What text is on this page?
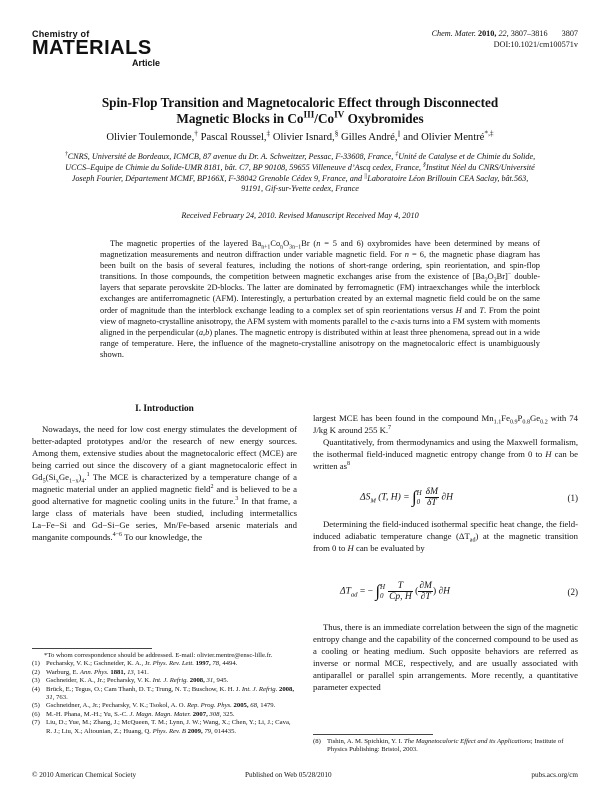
Chemistry of
MATERIALS
Article
Chem. Mater. 2010, 22, 3807–3816 3807
DOI:10.1021/cm100571v
Spin-Flop Transition and Magnetocaloric Effect through Disconnected
Magnetic Blocks in $Co^{III}/Co^{IV}$ Oxybromides
Olivier Toulemonde,† Pascal Roussel,‡ Olivier Isnard,§ Gilles André,|| and Olivier Mentré*,‡
†CNRS, Université de Bordeaux, ICMCB, 87 avenue du Dr. A. Schweitzer, Pessac, F-33608, France, ‡Unité de Catalyse et de Chimie du Solide, UCCS–Equipe de Chimie du Solide-UMR 8181, bât. C7, BP 90108, 59655 Villeneuve d’Ascq cedex, France, §Institut Néel du CNRS/Université Joseph Fourier, Département MCMF, BP166X, F-38042 Grenoble Cédex 9, France, and ||Laboratoire Léon Brillouin CEA Saclay, bât.563, 91191, Gif-sur-Yvette cedex, France
Received February 24, 2010. Revised Manuscript Received May 4, 2010
The magnetic properties of the layered $Ba_{n+1}Co_nO_{3n-1}Br$ (n = 5 and 6) oxybromides have been determined by means of magnetization measurements and neutron diffraction under variable magnetic field. For n = 6, the magnetic phase diagram has been built on the basis of several features, including the notions of short-range ordering, spin reorientation, and spin-flop transitions. In those compounds, the competition between magnetic exchanges arise from the existence of $[Ba_2O_2Br]^-$ double-layers that separate perovskite 2D-blocks. The latter are dominated by ferromagnetic (FM) intraexchanges while the interblock exchanges are antiferromagnetic (AFM). Interestingly, a perturbation created by an external magnetic field could be on the same order of magnitude than the interblock exchange leading to a complex set of spin reorientations versus H and T. From the point view of magneto-crystalline anisotropy, the AFM system with moments parallel to the c-axis turns into a FM system with moments aligned in the perpendicular (a,b) planes. The magnetic entropy is distributed within at least three phenomena, spread out in a wide range of temperature. Here, the influence of the magneto-crystalline anisotropy on the magnetocaloric effect is unambiguously shown.
I. Introduction
Nowadays, the need for low cost energy stimulates the development of better-adapted prototypes and/or the research of new energy sources. Among them, extensive studies about the magnetocaloric effect (MCE) are being carried out since the discovery of a giant magnetocaloric effect in $Gd_5(Si_xGe_{1-x})_4.^1$ The MCE is characterized by a temperature change of a magnetic material under an applied magnetic field$^2$ and is believed to be a good alternative for magnetic cooling units in the future.$^3$ In that frame, a large class of materials have been studied, including intermetallics La−Fe−Si and Gd−Si−Ge series, Mn/Fe-based arsenic materials and manganite compounds.$^{4-6}$ To our knowledge, the
*To whom correspondence should be addressed. E-mail: olivier.mentre@ensc-lille.fr.
(1) Pecharsky, V. K.; Gschneider, K. A., Jr. Phys. Rev. Lett. 1997, 78, 4494.
(2) Warburg, E. Ann. Phys. 1881, 13, 141.
(3) Gschneider, K. A., Jr.; Pecharsky, V. K. Int. J. Refrig. 2008, 31, 945.
(4) Brück, E.; Tegus, O.; Cam Thanh, D. T.; Trung, N. T.; Buschow, K. H. J. Int. J. Refrig. 2008, 31, 763.
(5) Gschneidner, A., Jr.; Pecharsky, V. K.; Tsokol, A. O. Rep. Prog. Phys. 2005, 68, 1479.
(6) M.-H. Phana, M.-H.; Yu, S.-C. J. Magn. Magn. Mater. 2007, 308, 325.
(7) Liu, D.; Yue, M.; Zhang, J.; McQueen, T. M.; Lynn, J. W.; Wang, X.; Chen, Y.; Li, J.; Cava, R. J.; Liu, X.; Altounian, Z.; Huang, Q. Phys. Rev. B 2009, 79, 014435.

largest MCE has been found in the compound $Mn_{1.1}Fe_{0.9}P_{0.8}Ge_{0.2}$ with 74 J/kg K around 255 K.$^7$

Quantitatively, from thermodynamics and using the Maxwell formalism, the isothermal field-induced magnetic entropy change from 0 to H can be written $as^8$

$\Delta S_M$ (T, H) = ∫ H
$0 \frac{\delta M}{\delta T} \partial H$	(1)
Determining the field-induced isothermal specific heat change, the field-induced adiabatic temperature change $(\Delta T_{ad})$ at the magnetic transition from 0 to H can be evaluated by
$\Delta T_{ad}$ = − ∫ H
$0 \frac{T}{Cp, H}$ ( $\frac{\partial M}{\partial T}$ ) ∂H	(2)
Thus, there is an immediate correlation between the sign of the magnetic entropy change and the capability of the concerned compound to be used as a cooling or heating medium. Such opposite behaviors are referred as inverse or normal MCE, respectively, and are usually associated with antiparallel or parallel spin arrangements. More recently, a quantitative parameter expected
(8) Tishin, A. M. Spichkin, Y. I. The Magnetocaloric Effect and its Applications; Institute of Physics Publishing: Bristol, 2003.
© 2010 American Chemical Society	Published on Web 05/28/2010	pubs.acs.org/cm
